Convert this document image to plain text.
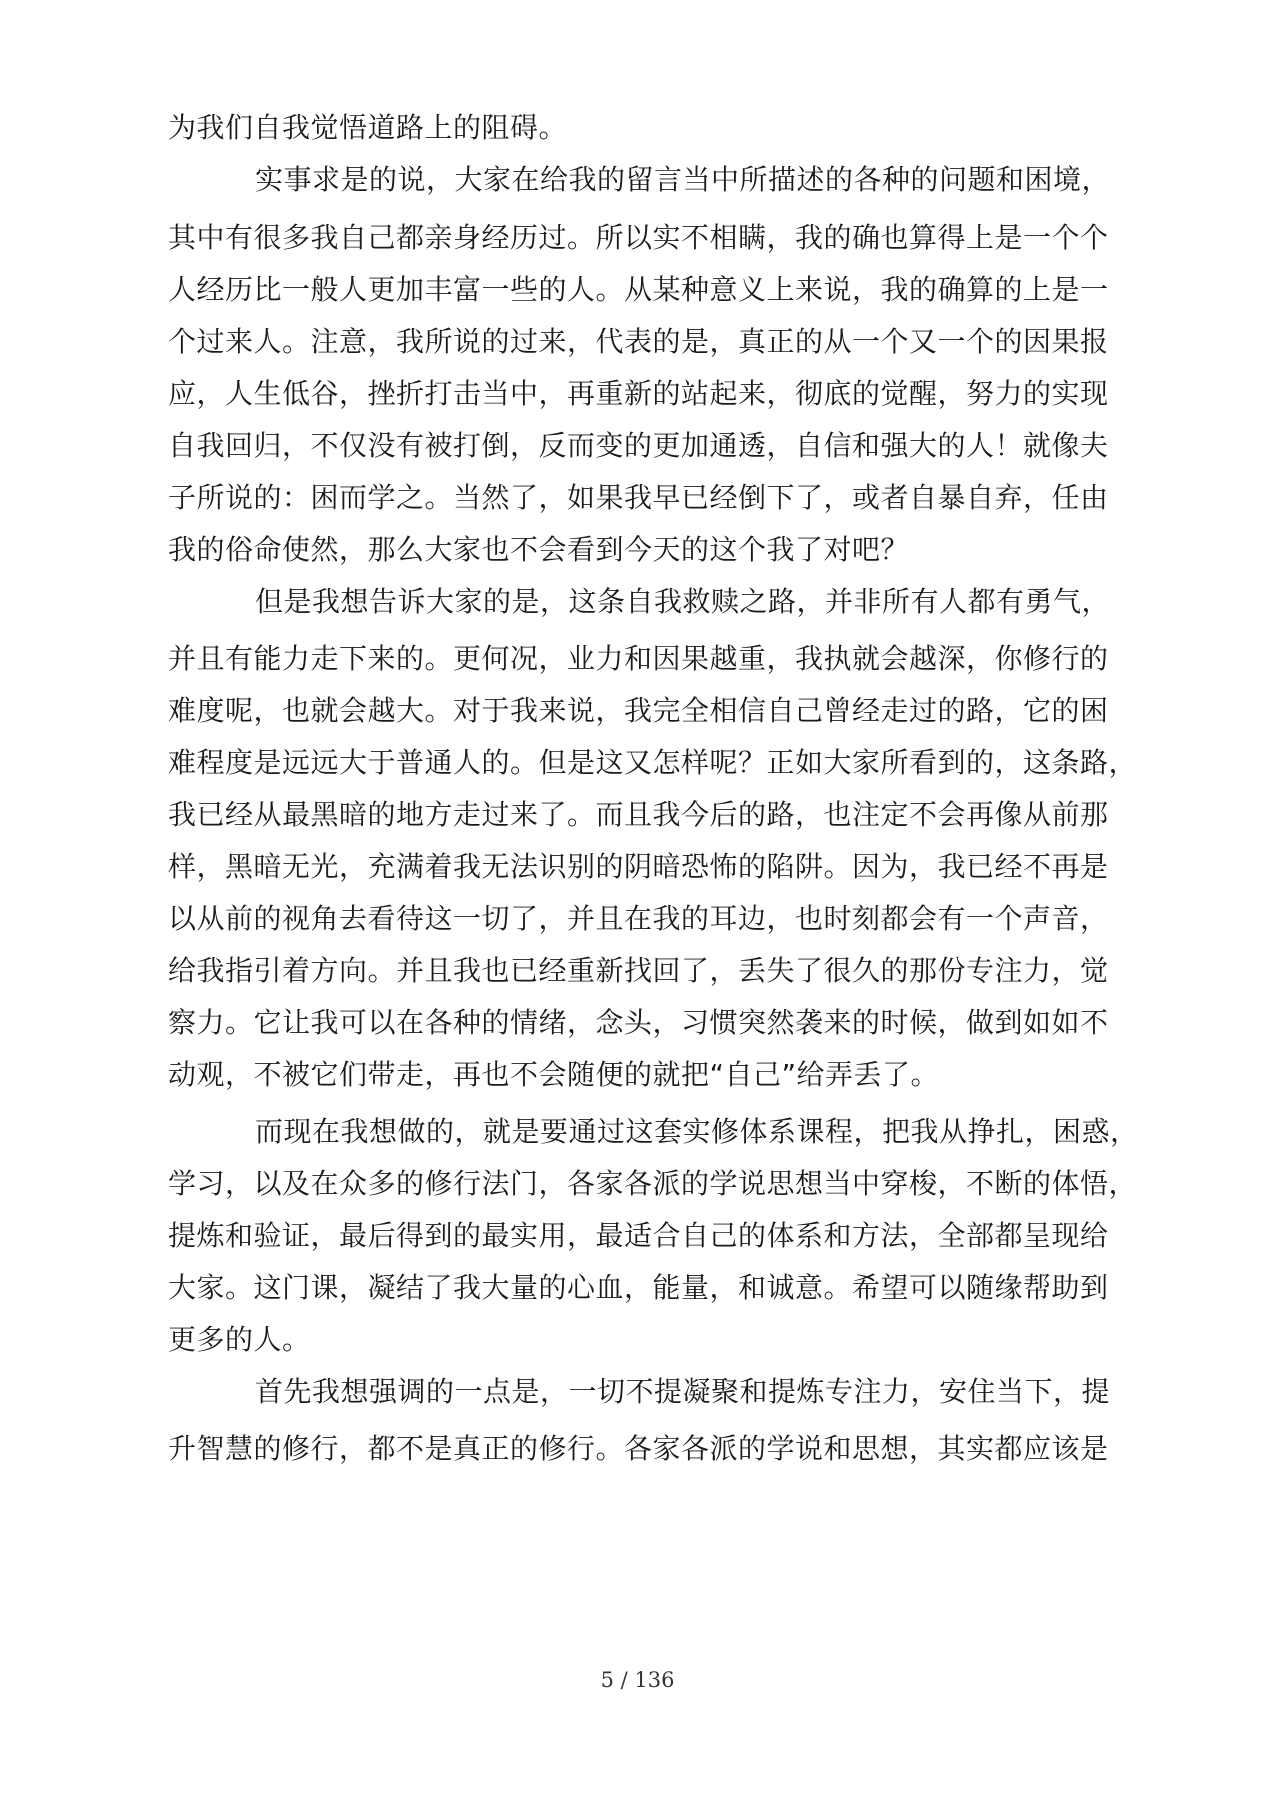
为我们自我觉悟道路上的阻碍。
实事求是的说，大家在给我的留言当中所描述的各种的问题和困境，
其中有很多我自己都亲身经历过。所以实不相瞒，我的确也算得上是一个个
人经历比一般人更加丰富一些的人。从某种意义上来说，我的确算的上是一
个过来人。注意，我所说的过来，代表的是，真正的从一个又一个的因果报
应，人生低谷，挫折打击当中，再重新的站起来，彻底的觉醒，努力的实现
自我回归，不仅没有被打倒，反而变的更加通透，自信和强大的人！就像夫
子所说的：困而学之。当然了，如果我早已经倒下了，或者自暴自弃，任由
我的俗命使然，那么大家也不会看到今天的这个我了对吧？
但是我想告诉大家的是，这条自我救赎之路，并非所有人都有勇气，
并且有能力走下来的。更何况，业力和因果越重，我执就会越深，你修行的
难度呢，也就会越大。对于我来说，我完全相信自己曾经走过的路，它的困
难程度是远远大于普通人的。但是这又怎样呢？正如大家所看到的，这条路，
我已经从最黑暗的地方走过来了。而且我今后的路，也注定不会再像从前那
样，黑暗无光，充满着我无法识别的阴暗恐怖的陷阱。因为，我已经不再是
以从前的视角去看待这一切了，并且在我的耳边，也时刻都会有一个声音，
给我指引着方向。并且我也已经重新找回了，丢失了很久的那份专注力，觉
察力。它让我可以在各种的情绪，念头，习惯突然袭来的时候，做到如如不
动观，不被它们带走，再也不会随便的就把“自己”给弄丢了。
而现在我想做的，就是要通过这套实修体系课程，把我从挣扎，困惑，
学习，以及在众多的修行法门，各家各派的学说思想当中穿梭，不断的体悟，
提炼和验证，最后得到的最实用，最适合自己的体系和方法，全部都呈现给
大家。这门课，凝结了我大量的心血，能量，和诚意。希望可以随缘帮助到
更多的人。
首先我想强调的一点是，一切不提凝聚和提炼专注力，安住当下，提
升智慧的修行，都不是真正的修行。各家各派的学说和思想，其实都应该是
5 / 136
